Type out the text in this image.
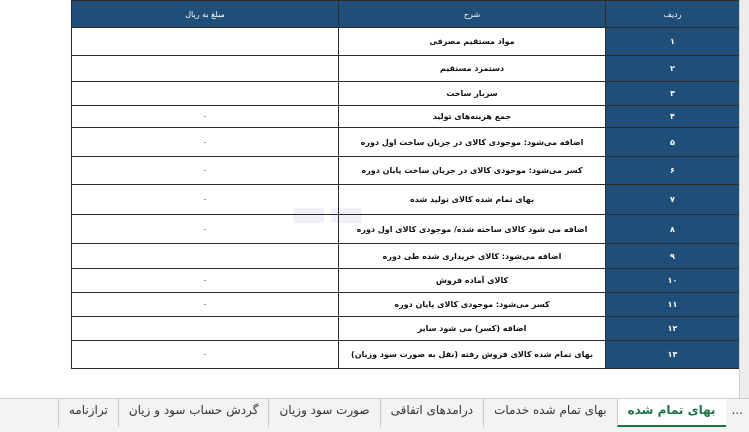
▬▬
ردیف	شرح	مبلغ به ریال
۱	مواد مستقیم مصرفی	
۲	دستمزد مستقیم	
۳	سربار ساخت	
۴	جمع هزینه‌های تولید	۰
۵	اضافه می‌شود: موجودی کالای در جریان ساخت اول دوره	۰
۶	کسر می‌شود: موجودی کالای در جریان ساخت پایان دوره	۰
۷	بهای تمام شده کالای تولید شده	۰
۸	اضافه می شود کالای ساخته شده/ موجودی کالای اول دوره	۰
۹	اضافه می‌شود: کالای خریداری شده طی دوره	
۱۰	کالای آماده فروش	۰
۱۱	کسر می‌شود: موجودی کالای پایان دوره	۰
۱۲	اضافه (کسر) می شود سایر	
۱۳	بهای تمام شده کالای فروش رفته (نقل به صورت سود وزیان)	۰
...
بهای تمام شده
بهای تمام شده خدمات
درامدهای اتفاقی
صورت سود وزیان
گردش حساب سود و زیان
ترازنامه
